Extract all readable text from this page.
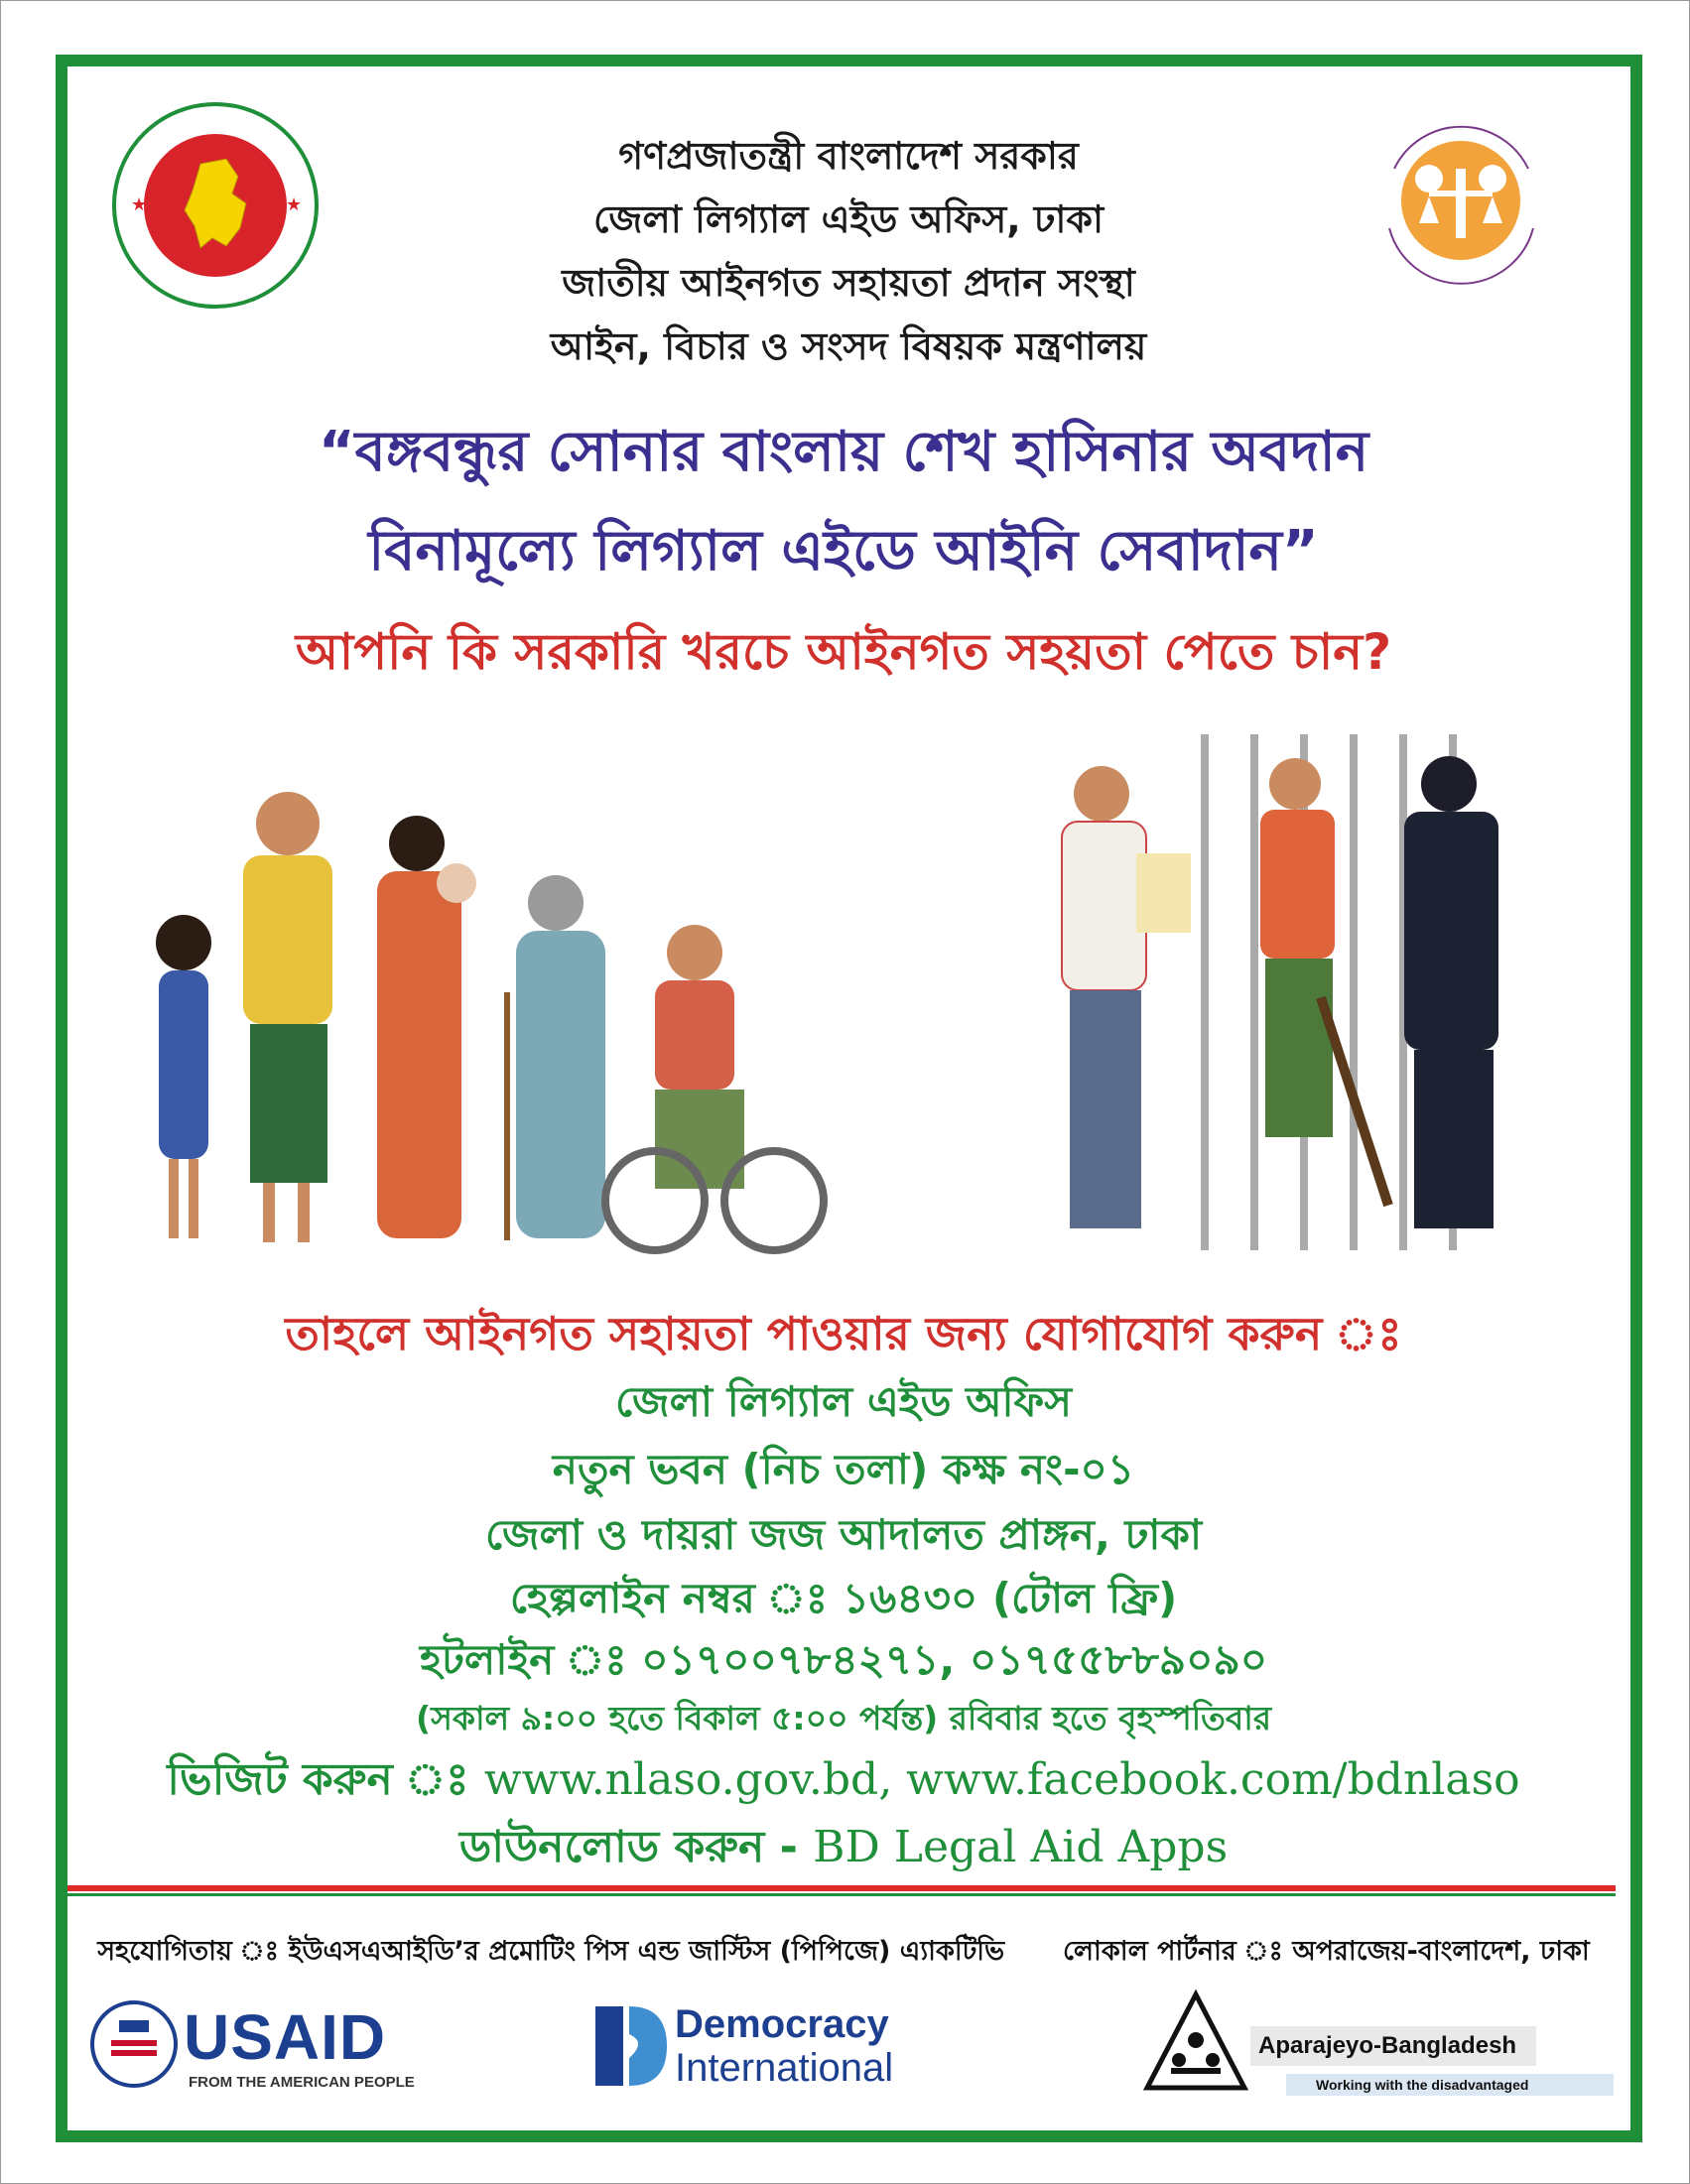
★	★
গণপ্রজাতন্ত্রী বাংলাদেশ সরকার
জেলা লিগ্যাল এইড অফিস, ঢাকা
জাতীয় আইনগত সহায়তা প্রদান সংস্থা
আইন, বিচার ও সংসদ বিষয়ক মন্ত্রণালয়
“বঙ্গবন্ধুর সোনার বাংলায় শেখ হাসিনার অবদান
বিনামূল্যে লিগ্যাল এইডে আইনি সেবাদান”
আপনি কি সরকারি খরচে আইনগত সহয়তা পেতে চান?
তাহলে আইনগত সহায়তা পাওয়ার জন্য যোগাযোগ করুন ঃ
জেলা লিগ্যাল এইড অফিস
নতুন ভবন (নিচ তলা) কক্ষ নং-০১
জেলা ও দায়রা জজ আদালত প্রাঙ্গন, ঢাকা
হেল্পলাইন নম্বর ঃ ১৬৪৩০ (টোল ফ্রি)
হটলাইন ঃ ০১৭০০৭৮৪২৭১, ০১৭৫৫৮৮৯০৯০
(সকাল ৯:০০ হতে বিকাল ৫:০০ পর্যন্ত) রবিবার হতে বৃহস্পতিবার
ভিজিট করুন ঃ www.nlaso.gov.bd, www.facebook.com/bdnlaso
ডাউনলোড করুন - BD Legal Aid Apps
সহযোগিতায় ঃ ইউএসএআইডি’র প্রমোটিং পিস এন্ড জাস্টিস (পিপিজে) এ্যাকটিভি লোকাল পার্টনার ঃ অপরাজেয়-বাংলাদেশ, ঢাকা
USAID
FROM THE AMERICAN PEOPLE
Democracy
International
Aparajeyo-Bangladesh
Working with the disadvantaged
